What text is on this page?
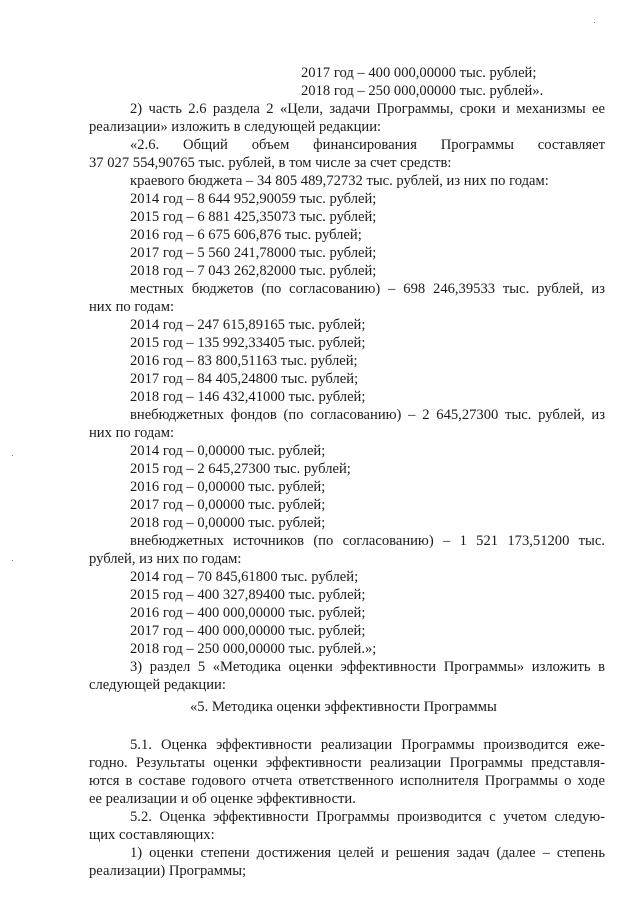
2017 год – 400 000,00000 тыс. рублей;

2018 год – 250 000,00000 тыс. рублей».

2) часть 2.6 раздела 2 «Цели, задачи Программы, сроки и механизмы ее

реализации» изложить в следующей редакции:

«2.6. Общий объем финансирования Программы составляет

37 027 554,90765 тыс. рублей, в том числе за счет средств:

краевого бюджета – 34 805 489,72732 тыс. рублей, из них по годам:

2014 год – 8 644 952,90059 тыс. рублей;

2015 год – 6 881 425,35073 тыс. рублей;

2016 год – 6 675 606,876 тыс. рублей;

2017 год – 5 560 241,78000 тыс. рублей;

2018 год – 7 043 262,82000 тыс. рублей;

местных бюджетов (по согласованию) – 698 246,39533 тыс. рублей, из

них по годам:

2014 год – 247 615,89165 тыс. рублей;

2015 год – 135 992,33405 тыс. рублей;

2016 год – 83 800,51163 тыс. рублей;

2017 год – 84 405,24800 тыс. рублей;

2018 год – 146 432,41000 тыс. рублей;

внебюджетных фондов (по согласованию) – 2 645,27300 тыс. рублей, из

них по годам:

2014 год – 0,00000 тыс. рублей;

2015 год – 2 645,27300 тыс. рублей;

2016 год – 0,00000 тыс. рублей;

2017 год – 0,00000 тыс. рублей;

2018 год – 0,00000 тыс. рублей;

внебюджетных источников (по согласованию) – 1 521 173,51200 тыс.

рублей, из них по годам:

2014 год – 70 845,61800 тыс. рублей;

2015 год – 400 327,89400 тыс. рублей;

2016 год – 400 000,00000 тыс. рублей;

2017 год – 400 000,00000 тыс. рублей;

2018 год – 250 000,00000 тыс. рублей.»;

3) раздел 5 «Методика оценки эффективности Программы» изложить в

следующей редакции:

«5. Методика оценки эффективности Программы

5.1. Оценка эффективности реализации Программы производится еже-

годно. Результаты оценки эффективности реализации Программы представля-

ются в составе годового отчета ответственного исполнителя Программы о ходе

ее реализации и об оценке эффективности.

5.2. Оценка эффективности Программы производится с учетом следую-

щих составляющих:

1) оценки степени достижения целей и решения задач (далее – степень

реализации) Программы;
